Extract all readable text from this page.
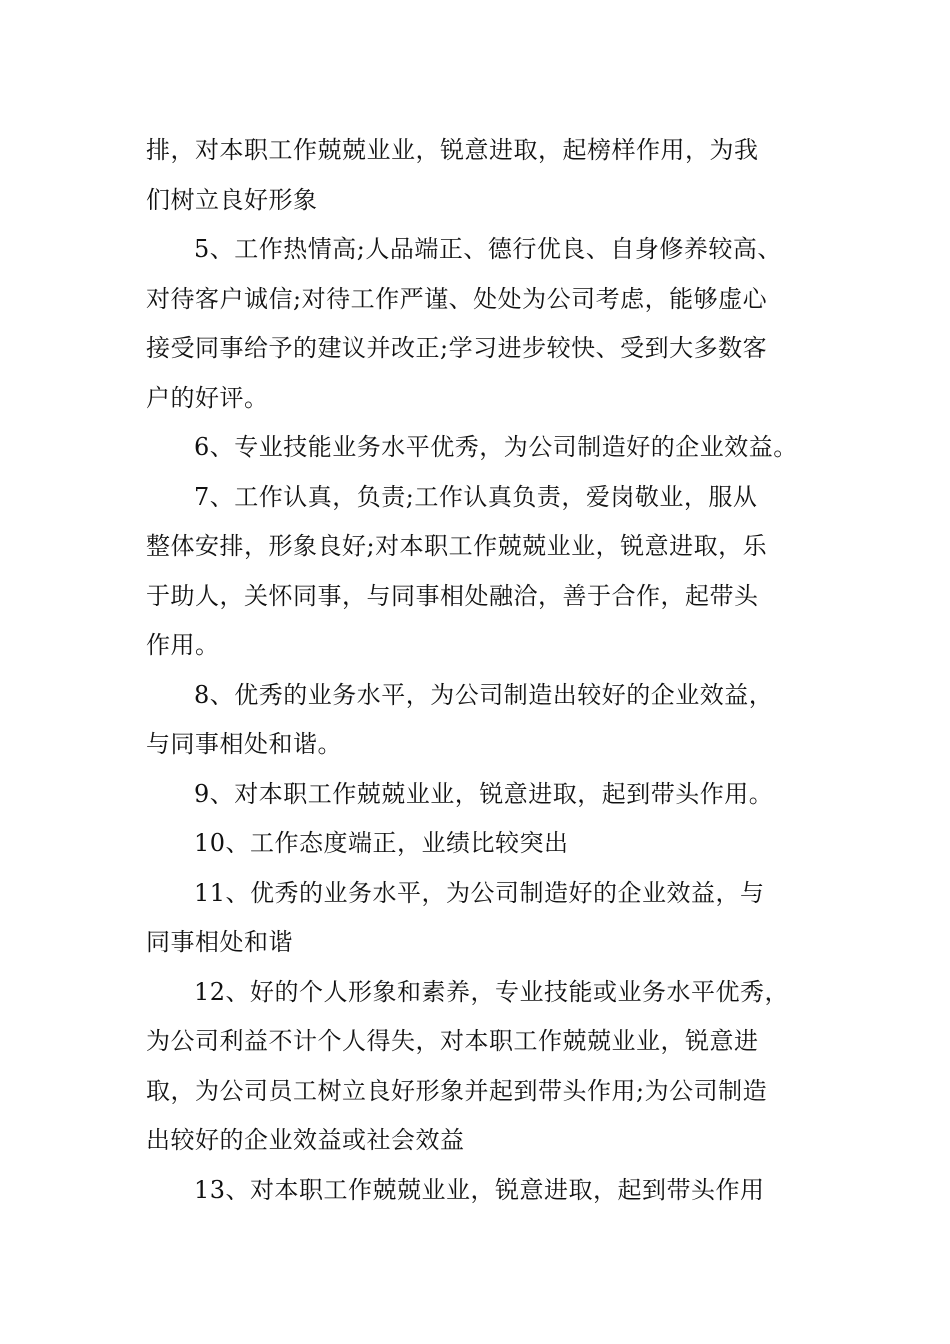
排，对本职工作兢兢业业，锐意进取，起榜样作用，为我
们树立良好形象

5、工作热情高;人品端正、德行优良、自身修养较高、
对待客户诚信;对待工作严谨、处处为公司考虑，能够虚心
接受同事给予的建议并改正;学习进步较快、受到大多数客
户的好评。

6、专业技能业务水平优秀，为公司制造好的企业效益。

7、工作认真，负责;工作认真负责，爱岗敬业，服从
整体安排，形象良好;对本职工作兢兢业业，锐意进取，乐
于助人，关怀同事，与同事相处融洽，善于合作，起带头
作用。

8、优秀的业务水平，为公司制造出较好的企业效益，
与同事相处和谐。

9、对本职工作兢兢业业，锐意进取，起到带头作用。

10、工作态度端正，业绩比较突出

11、优秀的业务水平，为公司制造好的企业效益，与
同事相处和谐

12、好的个人形象和素养，专业技能或业务水平优秀，
为公司利益不计个人得失，对本职工作兢兢业业，锐意进
取，为公司员工树立良好形象并起到带头作用;为公司制造
出较好的企业效益或社会效益

13、对本职工作兢兢业业，锐意进取，起到带头作用
